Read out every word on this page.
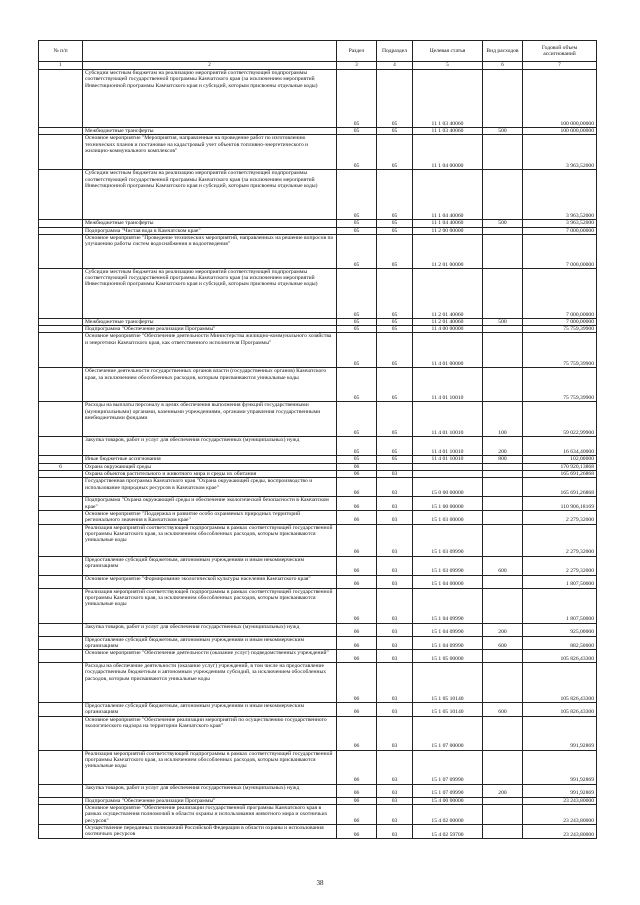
№ п/п		Раздел	Подраздел	Целевая статья	Вид расходов	Годовой объем ассигнований
1	2	3	4	5	6	7
	Субсидии местным бюджетам на реализацию мероприятий соответствующей подпрограммы соответствующей государственной программы Камчатского края (за исключением мероприятий Инвестиционной программы Камчатского края и субсидий, которым присвоены отдельные коды)	05	05	11 1 03 40060		100 000,00000
	Межбюджетные трансферты	05	05	11 1 03 40060	500	100 000,00000
	Основное мероприятие "Мероприятия, направленные на проведение работ по изготовлению технических планов и постановке на кадастровый учет объектов топливно-энергетического и жилищно-коммунального комплексов"	05	05	11 1 04 00000		3 963,52000
	Субсидии местным бюджетам на реализацию мероприятий соответствующей подпрограммы соответствующей государственной программы Камчатского края (за исключением мероприятий Инвестиционной программы Камчатского края и субсидий, которым присвоены отдельные коды)	05	05	11 1 04 40060		3 963,52000
	Межбюджетные трансферты	05	05	11 1 04 40060	500	3 963,52000
	Подпрограмма "Чистая вода в Камчатском крае"	05	05	11 2 00 00000		7 000,00000
	Основное мероприятие "Проведение технических мероприятий, направленных на решение вопросов по улучшению работы систем водоснабжения и водоотведения"	05	05	11 2 01 00000		7 000,00000
	Субсидии местным бюджетам на реализацию мероприятий соответствующей подпрограммы соответствующей государственной программы Камчатского края (за исключением мероприятий Инвестиционной программы Камчатского края и субсидий, которым присвоены отдельные коды)	05	05	11 2 01 40060		7 000,00000
	Межбюджетные трансферты	05	05	11 2 01 40060	500	7 000,00000
	Подпрограмма "Обеспечение реализации Программы"	05	05	11 4 00 00000		75 759,39900
	Основное мероприятие "Обеспечение деятельности Министерства жилищно-коммунального хозяйства и энергетики Камчатского края, как ответственного исполнителя Программы"	05	05	11 4 01 00000		75 759,39900
	Обеспечение деятельности государственных органов власти (государственных органов) Камчатского края, за исключением обособленных расходов, которым присваиваются уникальные коды	05	05	11 4 01 10010		75 759,39900
	Расходы на выплаты персоналу в целях обеспечения выполнения функций государственными (муниципальными) органами, казенными учреждениями, органами управления государственными внебюджетными фондами	05	05	11 4 01 10010	100	59 022,99900
	Закупка товаров, работ и услуг для обеспечения государственных (муниципальных) нужд	05	05	11 4 01 10010	200	16 634,40000
	Иные бюджетные ассигнования	05	05	11 4 01 10010	800	102,00000
6	Охрана окружающей среды	06				170 920,13868
	Охрана объектов растительного и животного мира и среды их обитания	06	03			165 691,26868
	Государственная программа Камчатского края "Охрана окружающей среды, воспроизводство и использование природных ресурсов в Камчатском крае"	06	03	15 0 00 00000		165 691,26868
	Подпрограмма "Охрана окружающей среды и обеспечение экологической безопасности в Камчатском крае"	06	03	15 1 00 00000		110 906,18169
	Основное мероприятие "Поддержка и развитие особо охраняемых природных территорий регионального значения в Камчатском крае"	06	03	15 1 03 00000		2 279,32000
	Реализация мероприятий соответствующей подпрограммы в рамках соответствующей государственной программы Камчатского края, за исключением обособленных расходов, которым присваиваются уникальные коды	06	03	15 1 03 09990		2 279,32000
	Предоставление субсидий бюджетным, автономным учреждениям и иным некоммерческим организациям	06	03	15 1 03 09990	600	2 279,32000
	Основное мероприятие "Формирование экологической культуры населения Камчатского края"	06	03	15 1 04 00000		1 807,50000
	Реализация мероприятий соответствующей подпрограммы в рамках соответствующей государственной программы Камчатского края, за исключением обособленных расходов, которым присваиваются уникальные коды	06	03	15 1 04 09990		1 807,50000
	Закупка товаров, работ и услуг для обеспечения государственных (муниципальных) нужд	06	03	15 1 04 09990	200	925,00000
	Предоставление субсидий бюджетным, автономным учреждениям и иным некоммерческим организациям	06	03	15 1 04 09990	600	882,50000
	Основное мероприятие "Обеспечение деятельности (оказание услуг) подведомственных учреждений"	06	03	15 1 05 00000		105 826,43300
	Расходы на обеспечение деятельности (оказание услуг) учреждений, в том числе на предоставление государственным бюджетным и автономным учреждениям субсидий, за исключением обособленных расходов, которым присваиваются уникальные коды	06	03	15 1 05 10140		105 826,43300
	Предоставление субсидий бюджетным, автономным учреждениям и иным некоммерческим организациям	06	03	15 1 05 10140	600	105 826,43300
	Основное мероприятие "Обеспечение реализации мероприятий по осуществлению государственного экологического надзора на территории Камчатского края"	06	03	15 1 07 00000		991,92869
	Реализация мероприятий соответствующей подпрограммы в рамках соответствующей государственной программы Камчатского края, за исключением обособленных расходов, которым присваиваются уникальные коды	06	03	15 1 07 09990		991,92869
	Закупка товаров, работ и услуг для обеспечения государственных (муниципальных) нужд	06	03	15 1 07 09990	200	991,92869
	Подпрограмма "Обеспечение реализации Программы"	06	03	15 4 00 00000		23 243,80000
	Основное мероприятие "Обеспечение реализации государственной программы Камчатского края в рамках осуществления полномочий в области охраны и использования животного мира и охотничьих ресурсов"	06	03	15 4 02 00000		23 243,80000
	Осуществление переданных полномочий Российской Федерации в области охраны и использования охотничьих ресурсов	06	03	15 4 02 59700		23 243,80000
38
